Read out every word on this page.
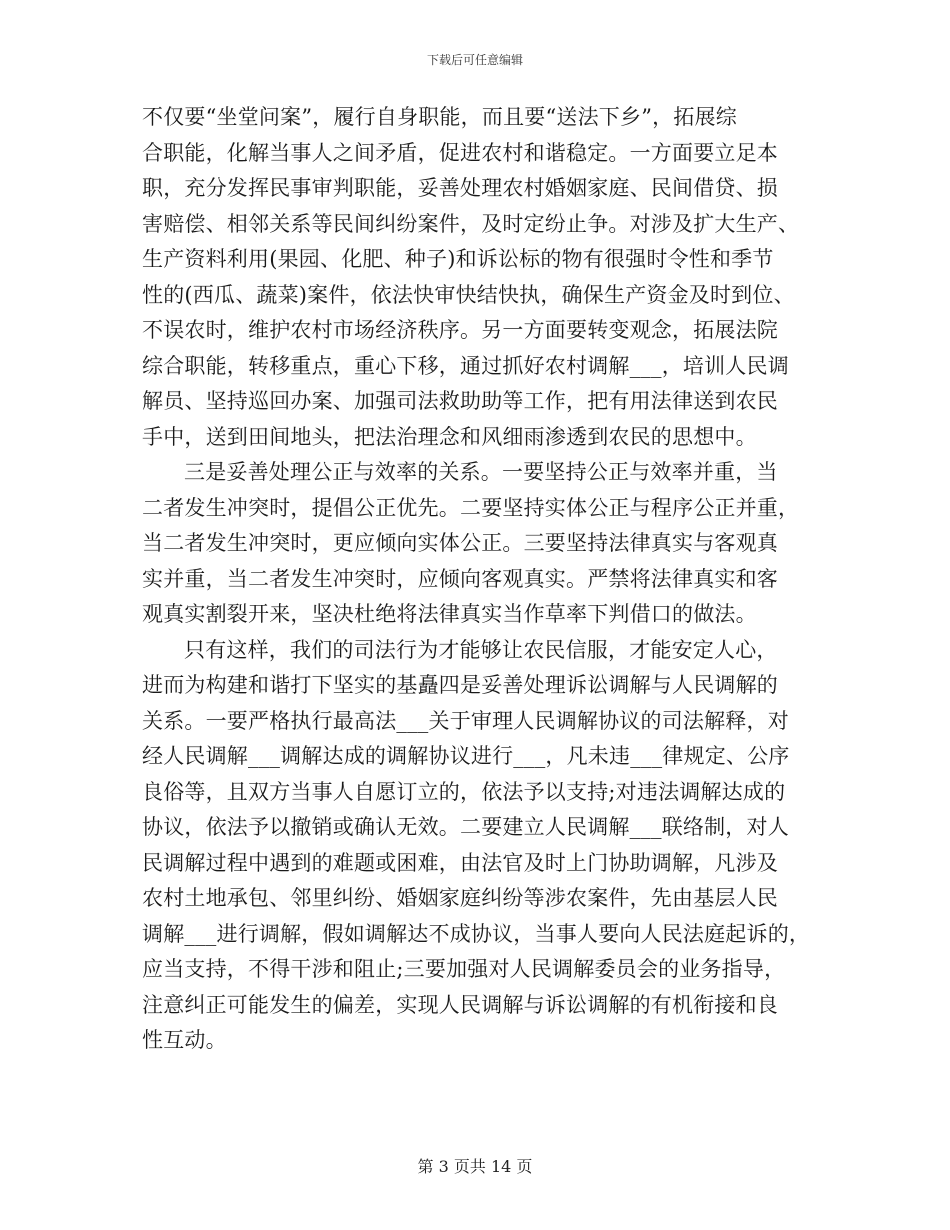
下载后可任意编辑
不仅要“坐堂问案”，履行自身职能，而且要“送法下乡”，拓展综
合职能，化解当事人之间矛盾，促进农村和谐稳定。一方面要立足本
职，充分发挥民事审判职能，妥善处理农村婚姻家庭、民间借贷、损
害赔偿、相邻关系等民间纠纷案件，及时定纷止争。对涉及扩大生产、
生产资料利用(果园、化肥、种子)和诉讼标的物有很强时令性和季节
性的(西瓜、蔬菜)案件，依法快审快结快执，确保生产资金及时到位、
不误农时，维护农村市场经济秩序。另一方面要转变观念，拓展法院
综合职能，转移重点，重心下移，通过抓好农村调解___，培训人民调
解员、坚持巡回办案、加强司法救助助等工作，把有用法律送到农民
手中，送到田间地头，把法治理念和风细雨渗透到农民的思想中。
三是妥善处理公正与效率的关系。一要坚持公正与效率并重，当
二者发生冲突时，提倡公正优先。二要坚持实体公正与程序公正并重，
当二者发生冲突时，更应倾向实体公正。三要坚持法律真实与客观真
实并重，当二者发生冲突时，应倾向客观真实。严禁将法律真实和客
观真实割裂开来，坚决杜绝将法律真实当作草率下判借口的做法。
只有这样，我们的司法行为才能够让农民信服，才能安定人心，
进而为构建和谐打下坚实的基矗四是妥善处理诉讼调解与人民调解的
关系。一要严格执行最高法___关于审理人民调解协议的司法解释，对
经人民调解___调解达成的调解协议进行___，凡未违___律规定、公序
良俗等，且双方当事人自愿订立的，依法予以支持;对违法调解达成的
协议，依法予以撤销或确认无效。二要建立人民调解___联络制，对人
民调解过程中遇到的难题或困难，由法官及时上门协助调解，凡涉及
农村土地承包、邻里纠纷、婚姻家庭纠纷等涉农案件，先由基层人民
调解___进行调解，假如调解达不成协议，当事人要向人民法庭起诉的，
应当支持，不得干涉和阻止;三要加强对人民调解委员会的业务指导，
注意纠正可能发生的偏差，实现人民调解与诉讼调解的有机衔接和良
性互动。
第 3 页共 14 页
